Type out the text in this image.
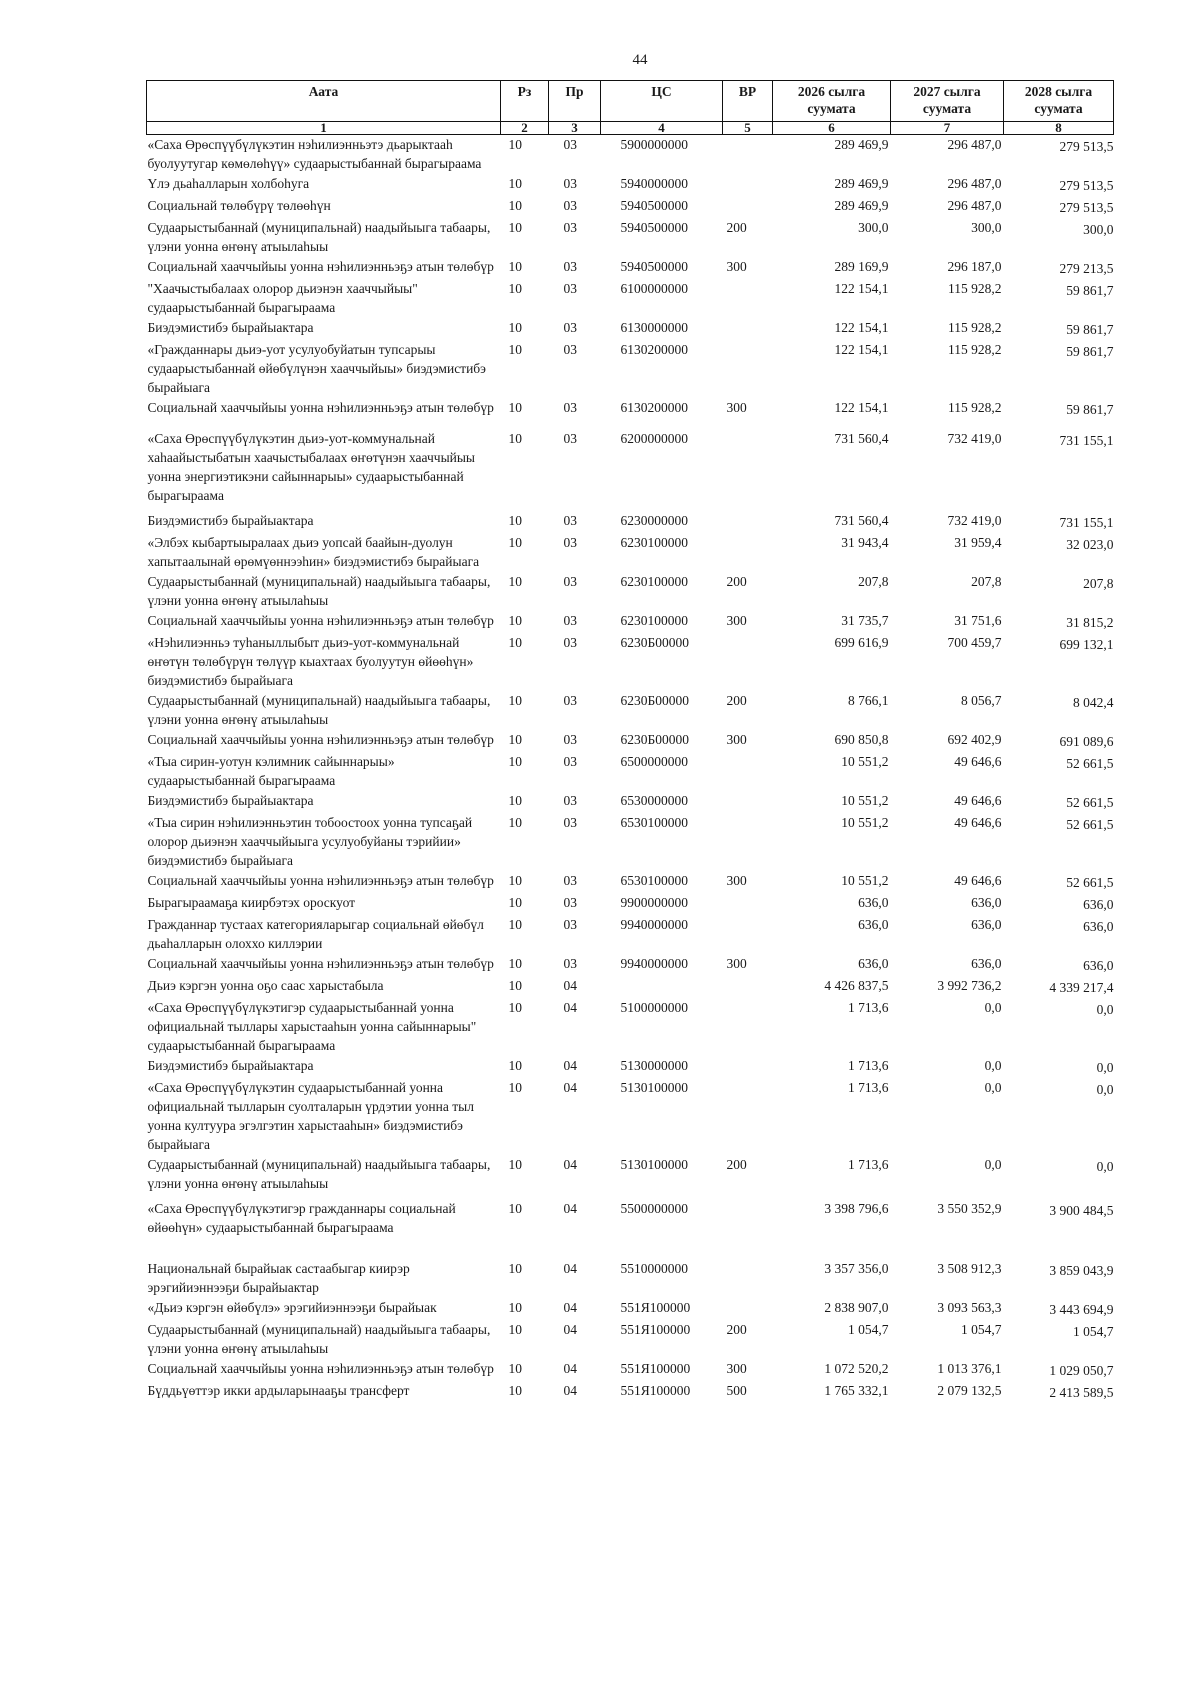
44
Аата	Рз	Пр	ЦС	ВР	2026 сылга суумата	2027 сылга суумата	2028 сылга суумата
1	2	3	4	5	6	7	8
«Саха Өрөспүүбүлүкэтин нэһилиэнньэтэ дьарыктааһ буолуутугар көмөлөһүү» судаарыстыбаннай бырагыраама	10	03	5900000000		289 469,9	296 487,0	279 513,5
Үлэ дьаһалларын холбоһуга	10	03	5940000000		289 469,9	296 487,0	279 513,5
Социальнай төлөбүрү төлөөһүн	10	03	5940500000		289 469,9	296 487,0	279 513,5
Судаарыстыбаннай (муниципальнай) наадыйыыга табаары, үлэни уонна өҥөнү атыылаһыы	10	03	5940500000	200	300,0	300,0	300,0
Социальнай хааччыйыы уонна нэһилиэнньэҕэ атын төлөбүр	10	03	5940500000	300	289 169,9	296 187,0	279 213,5
"Хаачыстыбалаах олорор дьиэнэн хааччыйыы" судаарыстыбаннай бырагыраама	10	03	6100000000		122 154,1	115 928,2	59 861,7
Биэдэмистибэ бырайыактара	10	03	6130000000		122 154,1	115 928,2	59 861,7
«Гражданнары дьиэ-уот усулуобуйатын тупсарыы судаарыстыбаннай өйөбүлүнэн хааччыйыы» биэдэмистибэ бырайыага	10	03	6130200000		122 154,1	115 928,2	59 861,7
Социальнай хааччыйыы уонна нэһилиэнньэҕэ атын төлөбүр	10	03	6130200000	300	122 154,1	115 928,2	59 861,7
«Саха Өрөспүүбүлүкэтин дьиэ-уот-коммунальнай хаһаайыстыбатын хаачыстыбалаах өҥөтүнэн хааччыйыы уонна энергиэтикэни сайыннарыы» судаарыстыбаннай бырагыраама	10	03	6200000000		731 560,4	732 419,0	731 155,1
Биэдэмистибэ бырайыактара	10	03	6230000000		731 560,4	732 419,0	731 155,1
«Элбэх кыбартыыралаах дьиэ уопсай баайын-дуолун хапытаалынай өрөмүөннээһин» биэдэмистибэ бырайыага	10	03	6230100000		31 943,4	31 959,4	32 023,0
Судаарыстыбаннай (муниципальнай) наадыйыыга табаары, үлэни уонна өҥөнү атыылаһыы	10	03	6230100000	200	207,8	207,8	207,8
Социальнай хааччыйыы уонна нэһилиэнньэҕэ атын төлөбүр	10	03	6230100000	300	31 735,7	31 751,6	31 815,2
«Нэһилиэнньэ туһаныллыбыт дьиэ-уот-коммунальнай өҥөтүн төлөбүрүн төлүүр кыахтаах буолуутун өйөөһүн» биэдэмистибэ бырайыага	10	03	6230Б00000		699 616,9	700 459,7	699 132,1
Судаарыстыбаннай (муниципальнай) наадыйыыга табаары, үлэни уонна өҥөнү атыылаһыы	10	03	6230Б00000	200	8 766,1	8 056,7	8 042,4
Социальнай хааччыйыы уонна нэһилиэнньэҕэ атын төлөбүр	10	03	6230Б00000	300	690 850,8	692 402,9	691 089,6
«Тыа сирин-уотун кэлимник сайыннарыы» судаарыстыбаннай бырагыраама	10	03	6500000000		10 551,2	49 646,6	52 661,5
Биэдэмистибэ бырайыактара	10	03	6530000000		10 551,2	49 646,6	52 661,5
«Тыа сирин нэһилиэнньэтин тобоостоох уонна тупсаҕай олорор дьиэнэн хааччыйыыга усулуобуйаны тэрийии» биэдэмистибэ бырайыага	10	03	6530100000		10 551,2	49 646,6	52 661,5
Социальнай хааччыйыы уонна нэһилиэнньэҕэ атын төлөбүр	10	03	6530100000	300	10 551,2	49 646,6	52 661,5
Бырагыраамаҕа киирбэтэх ороскуот	10	03	9900000000		636,0	636,0	636,0
Гражданнар тустаах категорияларыгар социальнай өйөбүл дьаһалларын олоххо киллэрии	10	03	9940000000		636,0	636,0	636,0
Социальнай хааччыйыы уонна нэһилиэнньэҕэ атын төлөбүр	10	03	9940000000	300	636,0	636,0	636,0
Дьиэ кэргэн уонна оҕо саас харыстабыла	10	04			4 426 837,5	3 992 736,2	4 339 217,4
«Саха Өрөспүүбүлүкэтигэр судаарыстыбаннай уонна официальнай тыллары харыстааһын уонна сайыннарыы" судаарыстыбаннай бырагыраама	10	04	5100000000		1 713,6	0,0	0,0
Биэдэмистибэ бырайыактара	10	04	5130000000		1 713,6	0,0	0,0
«Саха Өрөспүүбүлүкэтин судаарыстыбаннай уонна официальнай тылларын суолталарын үрдэтии уонна тыл уонна култуура эгэлгэтин харыстааһын» биэдэмистибэ бырайыага	10	04	5130100000		1 713,6	0,0	0,0
Судаарыстыбаннай (муниципальнай) наадыйыыга табаары, үлэни уонна өҥөнү атыылаһыы	10	04	5130100000	200	1 713,6	0,0	0,0
«Саха Өрөспүүбүлүкэтигэр гражданнары социальнай өйөөһүн» судаарыстыбаннай бырагыраама	10	04	5500000000		3 398 796,6	3 550 352,9	3 900 484,5
Национальнай бырайыак састаабыгар киирэр эрэгийиэннээҕи бырайыактар	10	04	5510000000		3 357 356,0	3 508 912,3	3 859 043,9
«Дьиэ кэргэн өйөбүлэ» эрэгийиэннээҕи бырайыак	10	04	551Я100000		2 838 907,0	3 093 563,3	3 443 694,9
Судаарыстыбаннай (муниципальнай) наадыйыыга табаары, үлэни уонна өҥөнү атыылаһыы	10	04	551Я100000	200	1 054,7	1 054,7	1 054,7
Социальнай хааччыйыы уонна нэһилиэнньэҕэ атын төлөбүр	10	04	551Я100000	300	1 072 520,2	1 013 376,1	1 029 050,7
Бүддьүөттэр икки ардыларынааҕы трансферт	10	04	551Я100000	500	1 765 332,1	2 079 132,5	2 413 589,5
